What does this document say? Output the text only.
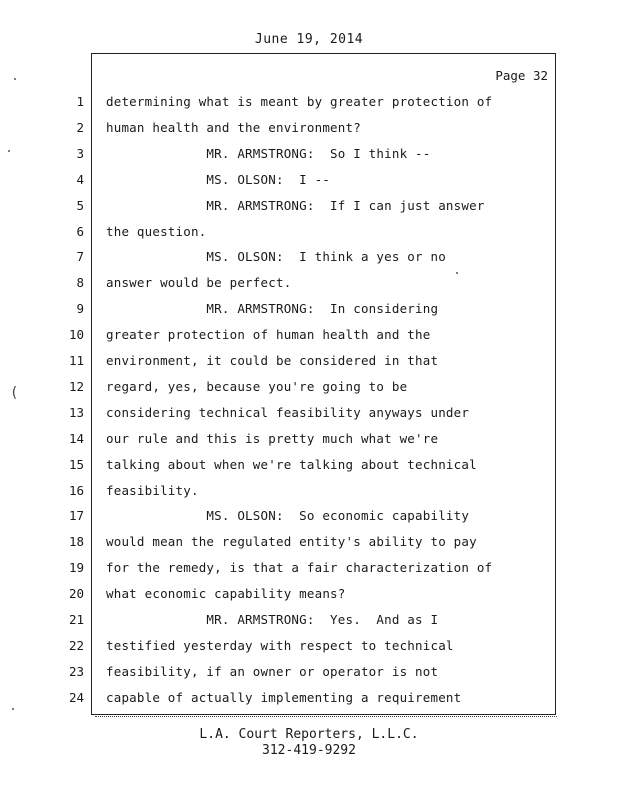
June 19, 2014
Page 32
1 determining what is meant by greater protection of
2 human health and the environment?
3 MR. ARMSTRONG:  So I think --
4 MS. OLSON:  I --
5 MR. ARMSTRONG:  If I can just answer
6 the question.
7 MS. OLSON:  I think a yes or no
8 answer would be perfect.
9 MR. ARMSTRONG:  In considering
10 greater protection of human health and the
11 environment, it could be considered in that
12 regard, yes, because you're going to be
13 considering technical feasibility anyways under
14 our rule and this is pretty much what we're
15 talking about when we're talking about technical
16 feasibility.
17 MS. OLSON:  So economic capability
18 would mean the regulated entity's ability to pay
19 for the remedy, is that a fair characterization of
20 what economic capability means?
21 MR. ARMSTRONG:  Yes.  And as I
22 testified yesterday with respect to technical
23 feasibility, if an owner or operator is not
24 capable of actually implementing a requirement
L.A. Court Reporters, L.L.C.
312-419-9292
(
